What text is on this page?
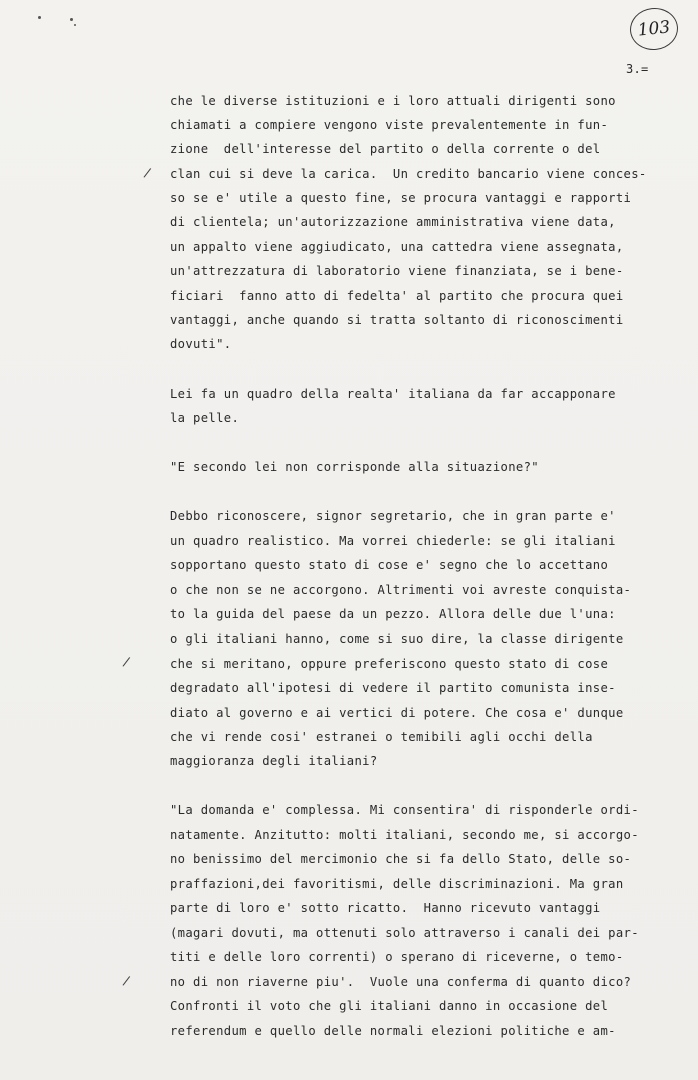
103
3.=
che le diverse istituzioni e i loro attuali dirigenti sono
chiamati a compiere vengono viste prevalentemente in fun-
zione  dell'interesse del partito o della corrente o del
clan cui si deve la carica.  Un credito bancario viene conces-
so se e' utile a questo fine, se procura vantaggi e rapporti
di clientela; un'autorizzazione amministrativa viene data,
un appalto viene aggiudicato, una cattedra viene assegnata,
un'attrezzatura di laboratorio viene finanziata, se i bene-
ficiari  fanno atto di fedelta' al partito che procura quei
vantaggi, anche quando si tratta soltanto di riconoscimenti
dovuti".
Lei fa un quadro della realta' italiana da far accapponare
la pelle.
"E secondo lei non corrisponde alla situazione?"
Debbo riconoscere, signor segretario, che in gran parte e'
un quadro realistico. Ma vorrei chiederle: se gli italiani
sopportano questo stato di cose e' segno che lo accettano
o che non se ne accorgono. Altrimenti voi avreste conquista-
to la guida del paese da un pezzo. Allora delle due l'una:
o gli italiani hanno, come si suo dire, la classe dirigente
che si meritano, oppure preferiscono questo stato di cose
degradato all'ipotesi di vedere il partito comunista inse-
diato al governo e ai vertici di potere. Che cosa e' dunque
che vi rende cosi' estranei o temibili agli occhi della
maggioranza degli italiani?
"La domanda e' complessa. Mi consentira' di risponderle ordi-
natamente. Anzitutto: molti italiani, secondo me, si accorgo-
no benissimo del mercimonio che si fa dello Stato, delle so-
praffazioni,dei favoritismi, delle discriminazioni. Ma gran
parte di loro e' sotto ricatto.  Hanno ricevuto vantaggi
(magari dovuti, ma ottenuti solo attraverso i canali dei par-
titi e delle loro correnti) o sperano di riceverne, o temo-
no di non riaverne piu'.  Vuole una conferma di quanto dico?
Confronti il voto che gli italiani danno in occasione del
referendum e quello delle normali elezioni politiche e am-
/
/
/
